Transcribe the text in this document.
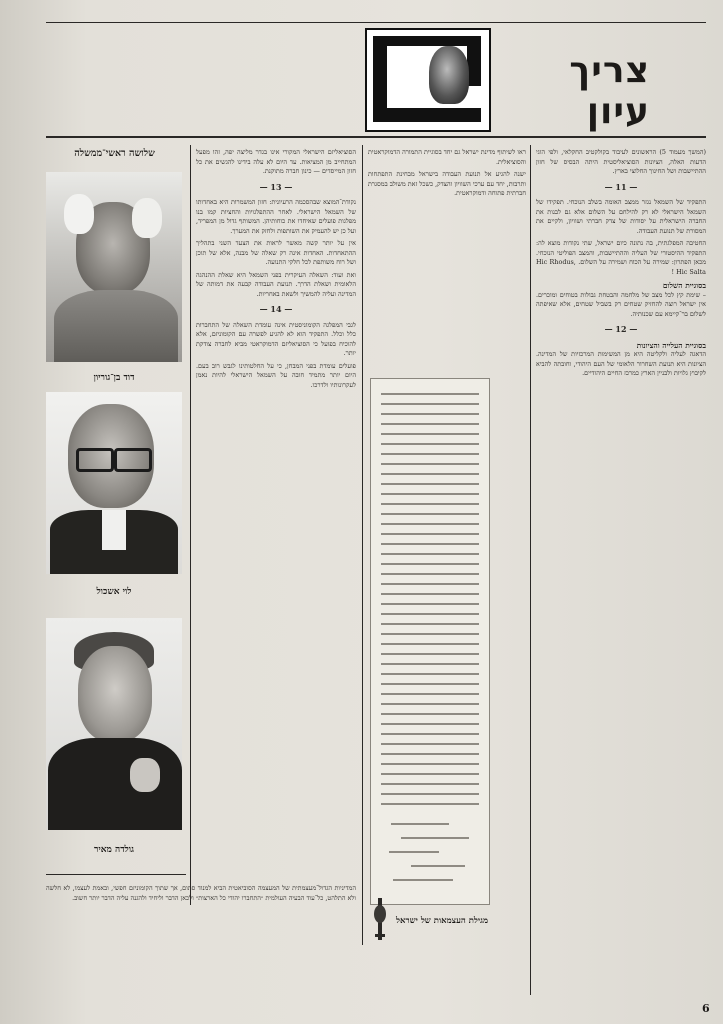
צריך עיון
שלושה ראשי־ממשלה
דוד בן־גוריון
לוי אשכול
גולדה מאיר

המדיניות הגדול־מעצמתית של המעצמה הסוביאטית הביא למנוד סתום, אך שתוך הקומוניזם חפשי, ובאמת לעצמו, לא חלשה ולא התלהט, כל־עוד הבעיה העולמית ״התחברו יהודי כל הארצות״ ולכאן הדבר וליחיד ולהגנה עליה הדבר יותר חשוב.

הסוציאליזם הישראלי המקורי אינו בגדר מליצה יפה, זהו מפעל המתחייב מן המציאות. עד היום לא עלה בידינו להגשים את כל חזון המייסדים — כינון חברה מתוקנת.

— 13 —

נקודת־המוצא שבהסכמה הרעיונית: חזון המשמרות היא באחדותו של השמאל הישראלי. לאחר ההתפלגויות והחציות קמו בנו מפלגות פועלים שאיחדו את כוחותיהן. המשותף גדול מן המפריד, ועל כן יש להעמיק את השותפות ולחזק את המערך.

אין על יותר קשה מאשר לראות את הצעד השני בתהליך ההתאחדות. האחדות אינה רק שאלה של מבנה, אלא של תוכן ושל רוח משותפת לכל חלקי התנועה.

ואת ועוד: השאלה העיקרית בפני השמאל היא שאלת ההנהגה הלאומית ושאלת הדרך. תנועת העבודה קבעה את דמותה של המדינה ועליה להמשיך ולשאת באחריות.

— 14 —

לגבי המפלגה הקומוניסטית אינה עומדת השאלה של התחברות כלל וכלל. התפקיד הוא לא להגיע לפשרה עם הקומוניזם, אלא להוכיח בפועל כי הסוציאליזם הדמוקראטי מביא לחברה צודקת יותר.

פועלים עומדת בפני המבחן, כי על החלטותינו לגבש רוב בעם. היום יותר מתמיד חובה על השמאל הישראלי להיות נאמן לעקרונותיו ולדרכו.

ראו לשיתוף מדינת ישראל גם יחד בסוגיית התמורה הדמוקראטית והסוציאלית.

ישנה להגיע אל תנועת העבודה בישראל מבחינת התפתחות ותרבות, יחד עם ערכי השוויון והצדק, כשכל זאת משולב במסגרת חברתית פתוחה ודמוקראטית.

מגילת העצמאות של ישראל

(המשך מעמוד 5) הראשונים לעיבוד בקולקטיב החקלאי, ולפי הוגי הדעות האלה, הציונות הסוציאליסטית היתה הבסיס של חזון ההתיישבות ושל החינוך החלוצי בארץ.

— 11 —

התפקיד של השמאל נגזר ממצב האומה בשלב הנוכחי. תפקידו של השמאל הישראלי לא רק להילחם על השלום אלא גם לבנות את החברה הישראלית על יסודות של צדק חברתי ושוויון, ולקיים את המסורת של תנועת העבודה.

החטיבה המפלגתית, בה נתונה כיום ישראל, שתי נקודות מוצא לה: התפקיד ההיסטורי של העליה וההתיישבות, והמצב הפוליטי הנוכחי. מכאן הפתרון: שמירה על הכוח ושמירה על השלום. Hic Rhodus, Hic Salta !

בסוגיית השלום

– שימת קץ לכל מצב של מלחמה והבטחת גבולות בטוחים ומוכרים. אין ישראל רוצה להחזיק שטחים רק בשביל שטחים, אלא שאיפתה לשלום בר־קיימא עם שכנותיה.

— 12 —
בסוגיית העלייה והציונות

הדאגה לעליה ולקליטה היא מן המשימות המרכזיות של המדינה. הציונות היא תנועת השחרור הלאומי של העם היהודי, וחובתה להביא לקיבוץ גלויות ולבניין הארץ כמרכז החיים היהודיים.

6
